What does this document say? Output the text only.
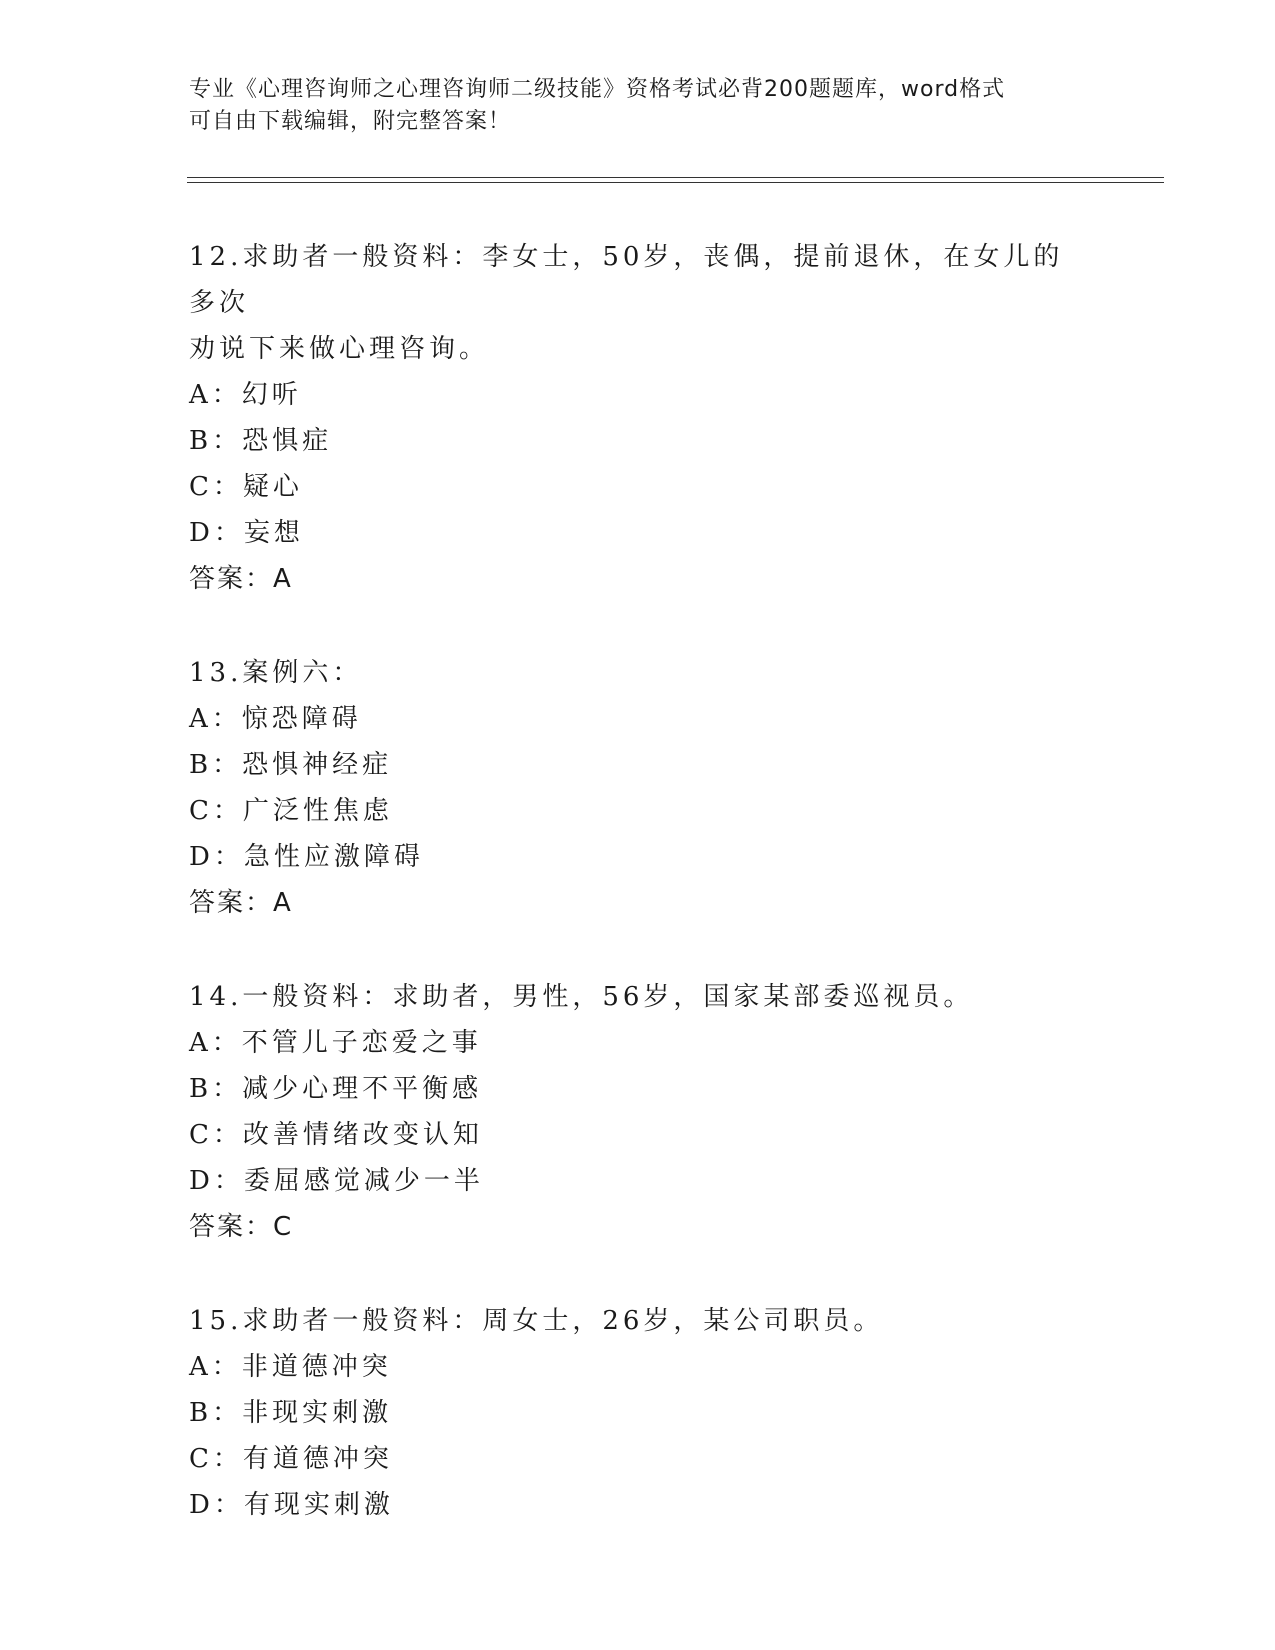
专业《心理咨询师之心理咨询师二级技能》资格考试必背200题题库，word格式
可自由下载编辑，附完整答案！
12.求助者一般资料：李女士，50岁，丧偶，提前退休，在女儿的多次
劝说下来做心理咨询。
A：幻听
B：恐惧症
C：疑心
D：妄想
答案：A
13.案例六：
A：惊恐障碍
B：恐惧神经症
C：广泛性焦虑
D：急性应激障碍
答案：A
14.一般资料：求助者，男性，56岁，国家某部委巡视员。
A：不管儿子恋爱之事
B：减少心理不平衡感
C：改善情绪改变认知
D：委屈感觉减少一半
答案：C
15.求助者一般资料：周女士，26岁，某公司职员。
A：非道德冲突
B：非现实刺激
C：有道德冲突
D：有现实刺激
